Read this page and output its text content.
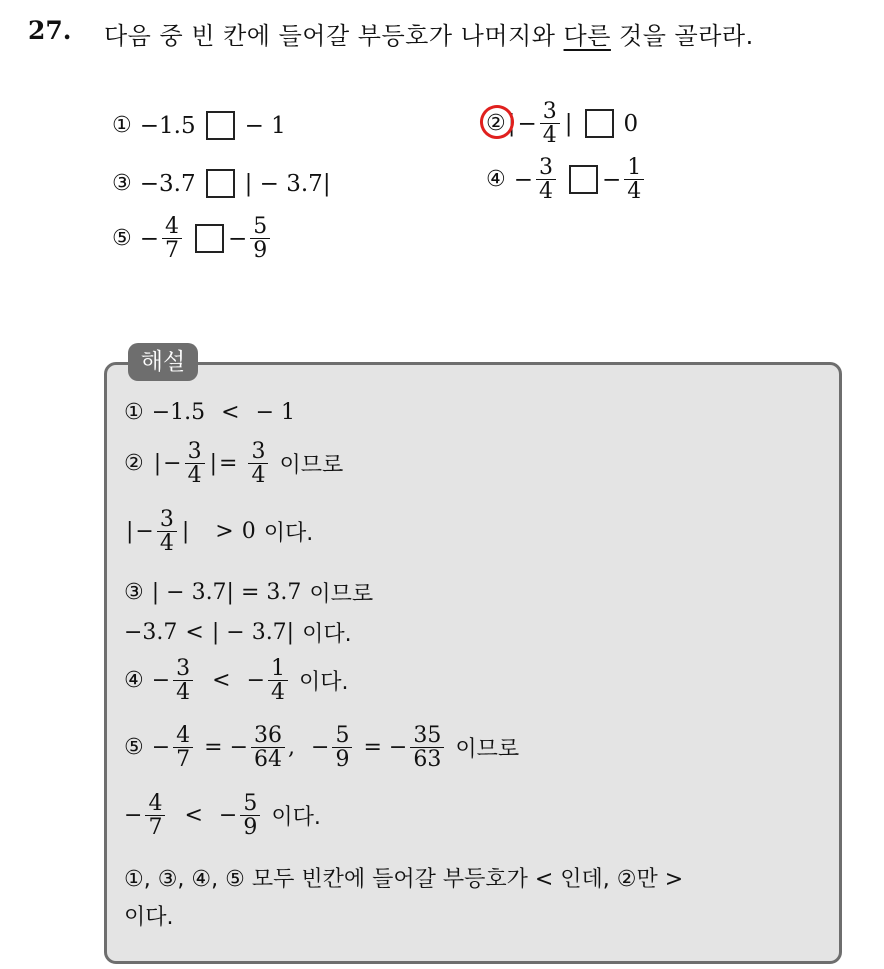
27. 다음 중 빈 칸에 들어갈 부등호가 나머지와 다른 것을 골라라.
① −1.5 − 1	② | − $\frac{3}{4}$ | 0
③ −3.7 | − 3.7|	④ − $\frac{3}{4} - \frac{1}{4}$
⑤ − $\frac{4}{7} - \frac{5}{9}$
해설
① −1.5 < − 1
② | − $\frac{3}{4}$ | = $\frac{3}{4}$ 이므로
| − $\frac{3}{4}$ | > 0 이다.
③ | − 3.7| = 3.7 이므로
−3.7 < | − 3.7| 이다.
④ − $\frac{3}{4}$ < − $\frac{1}{4}$ 이다.
⑤ − $\frac{4}{7}$ = − $\frac{36}{64}$ , − $\frac{5}{9}$ = − $\frac{35}{63}$ 이므로
− $\frac{4}{7}$ < − $\frac{5}{9}$ 이다.
①, ③, ④, ⑤ 모두 빈칸에 들어갈 부등호가 < 인데, ②만 >
이다.
